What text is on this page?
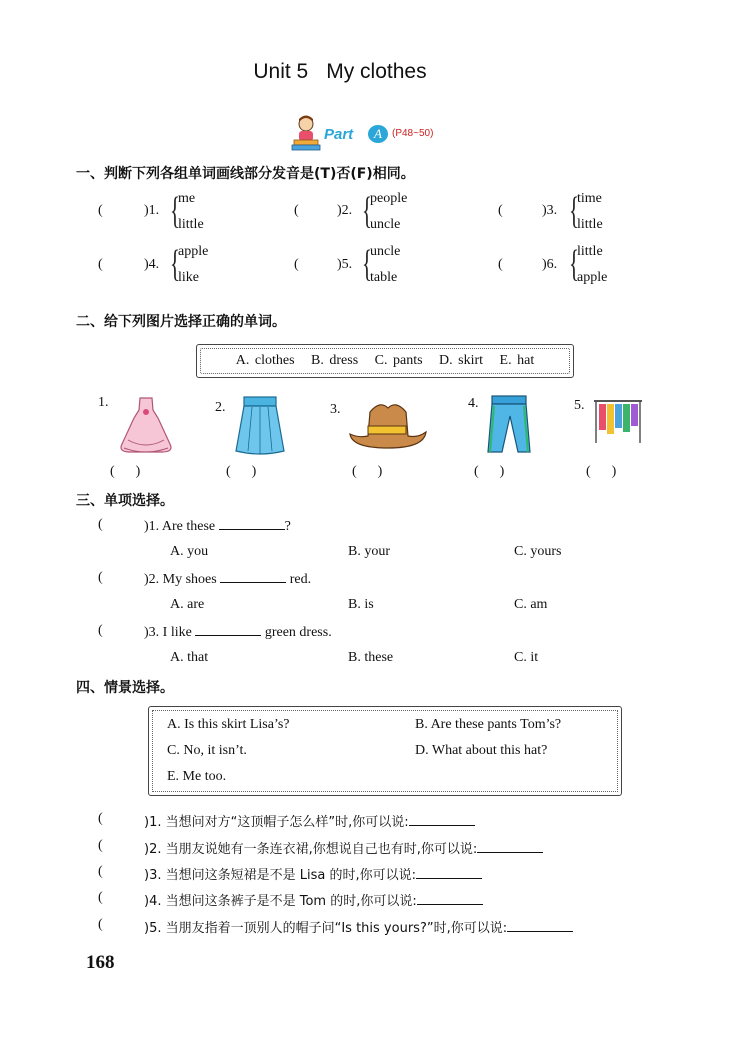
Unit 5 My clothes
Part	A	(P48~50)
一、判断下列各组单词画线部分发音是(T)否(F)相同。
(	)1. {
me
little
(	)2. {
people
uncle
(	)3. {
time
little
(	)4. {
apple
like
(	)5. {
uncle
table
(	)6. {
little
apple
二、给下列图片选择正确的单词。
A. clothes   B. dress   C. pants   D. skirt   E. hat
1.	2.	3.	4.	5.
(      )	(      )	(      )	(      )	(      )
三、单项选择。
(	)1. Are these	?
A. you	B. your	C. yours
(	)2. My shoes	red.
A. are	B. is	C. am
(	)3. I like	green dress.
A. that	B. these	C. it
四、情景选择。
A. Is this skirt Lisa’s?	B. Are these pants Tom’s?
C. No, it isn’t.	D. What about this hat?
E. Me too.
(	)1. 当想问对方“这顶帽子怎么样”时,你可以说:
(	)2. 当朋友说她有一条连衣裙,你想说自己也有时,你可以说:
(	)3. 当想问这条短裙是不是 Lisa 的时,你可以说:
(	)4. 当想问这条裤子是不是 Tom 的时,你可以说:
(	)5. 当朋友指着一顶别人的帽子问“Is this yours?”时,你可以说:
168
